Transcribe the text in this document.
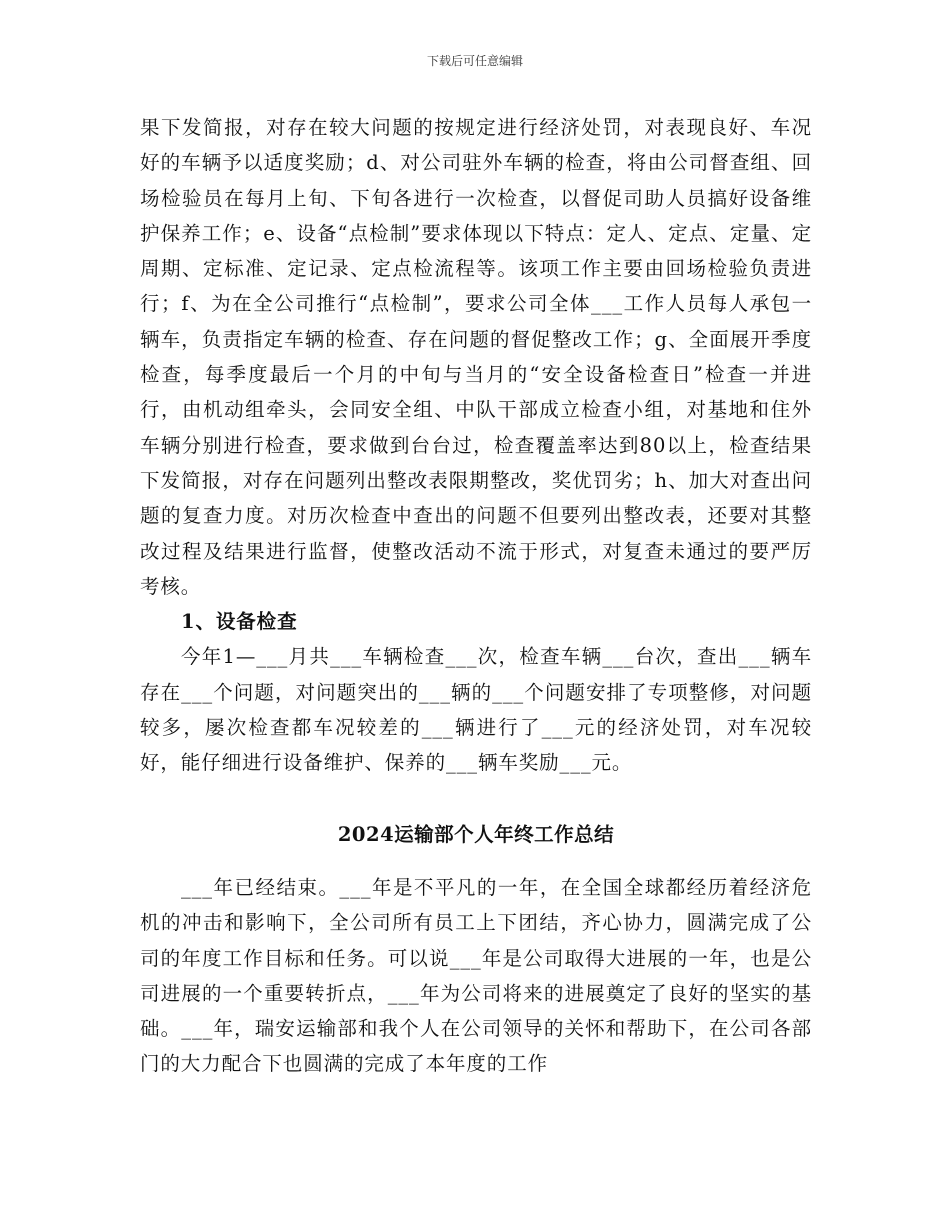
下载后可任意编辑

果下发简报，对存在较大问题的按规定进行经济处罚，对表现良好、车况好的车辆予以适度奖励；d、对公司驻外车辆的检查，将由公司督查组、回场检验员在每月上旬、下旬各进行一次检查，以督促司助人员搞好设备维护保养工作；e、设备“点检制”要求体现以下特点：定人、定点、定量、定周期、定标准、定记录、定点检流程等。该项工作主要由回场检验负责进行；f、为在全公司推行“点检制”，要求公司全体___工作人员每人承包一辆车，负责指定车辆的检查、存在问题的督促整改工作；g、全面展开季度检查，每季度最后一个月的中旬与当月的“安全设备检查日”检查一并进行，由机动组牵头，会同安全组、中队干部成立检查小组，对基地和住外车辆分别进行检查，要求做到台台过，检查覆盖率达到80以上，检查结果下发简报，对存在问题列出整改表限期整改，奖优罚劣；h、加大对查出问题的复查力度。对历次检查中查出的问题不但要列出整改表，还要对其整改过程及结果进行监督，使整改活动不流于形式，对复查未通过的要严厉考核。

1、设备检查

今年1—___月共___车辆检查___次，检查车辆___台次，查出___辆车存在___个问题，对问题突出的___辆的___个问题安排了专项整修，对问题较多，屡次检查都车况较差的___辆进行了___元的经济处罚，对车况较好，能仔细进行设备维护、保养的___辆车奖励___元。

2024运输部个人年终工作总结

___年已经结束。___年是不平凡的一年，在全国全球都经历着经济危机的冲击和影响下，全公司所有员工上下团结，齐心协力，圆满完成了公司的年度工作目标和任务。可以说___年是公司取得大进展的一年，也是公司进展的一个重要转折点，___年为公司将来的进展奠定了良好的坚实的基础。___年，瑞安运输部和我个人在公司领导的关怀和帮助下，在公司各部门的大力配合下也圆满的完成了本年度的工作
